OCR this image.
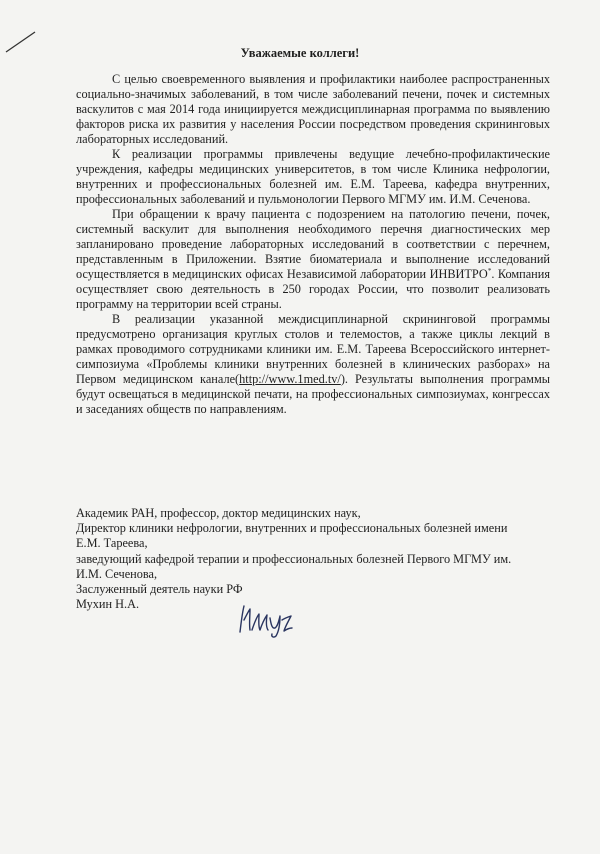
Уважаемые коллеги!

С целью своевременного выявления и профилактики наиболее распространенных социально-значимых заболеваний, в том числе заболеваний печени, почек и системных васкулитов с мая 2014 года инициируется междисциплинарная программа по выявлению факторов риска их развития у населения России посредством проведения скрининговых лабораторных исследований.

К реализации программы привлечены ведущие лечебно-профилактические учреждения, кафедры медицинских университетов, в том числе Клиника нефрологии, внутренних и профессиональных болезней им. Е.М. Тареева, кафедра внутренних, профессиональных заболеваний и пульмонологии Первого МГМУ им. И.М. Сеченова.

При обращении к врачу пациента с подозрением на патологию печени, почек, системный васкулит для выполнения необходимого перечня диагностических мер запланировано проведение лабораторных исследований в соответствии с перечнем, представленным в Приложении. Взятие биоматериала и выполнение исследований осуществляется в медицинских офисах Независимой лаборатории ИНВИТРО*. Компания осуществляет свою деятельность в 250 городах России, что позволит реализовать программу на территории всей страны.

В реализации указанной междисциплинарной скрининговой программы предусмотрено организация круглых столов и телемостов, а также циклы лекций в рамках проводимого сотрудниками клиники им. Е.М. Тареева Всероссийского интернет-симпозиума «Проблемы клиники внутренних болезней в клинических разборах» на Первом медицинском канале(http://www.1med.tv/). Результаты выполнения программы будут освещаться в медицинской печати, на профессиональных симпозиумах, конгрессах и заседаниях обществ по направлениям.

Академик РАН, профессор, доктор медицинских наук,
Директор клиники нефрологии, внутренних и профессиональных болезней имени
Е.М. Тареева,
заведующий кафедрой терапии и профессиональных болезней Первого МГМУ им.
И.М. Сеченова,
Заслуженный деятель науки РФ
Мухин Н.А.
